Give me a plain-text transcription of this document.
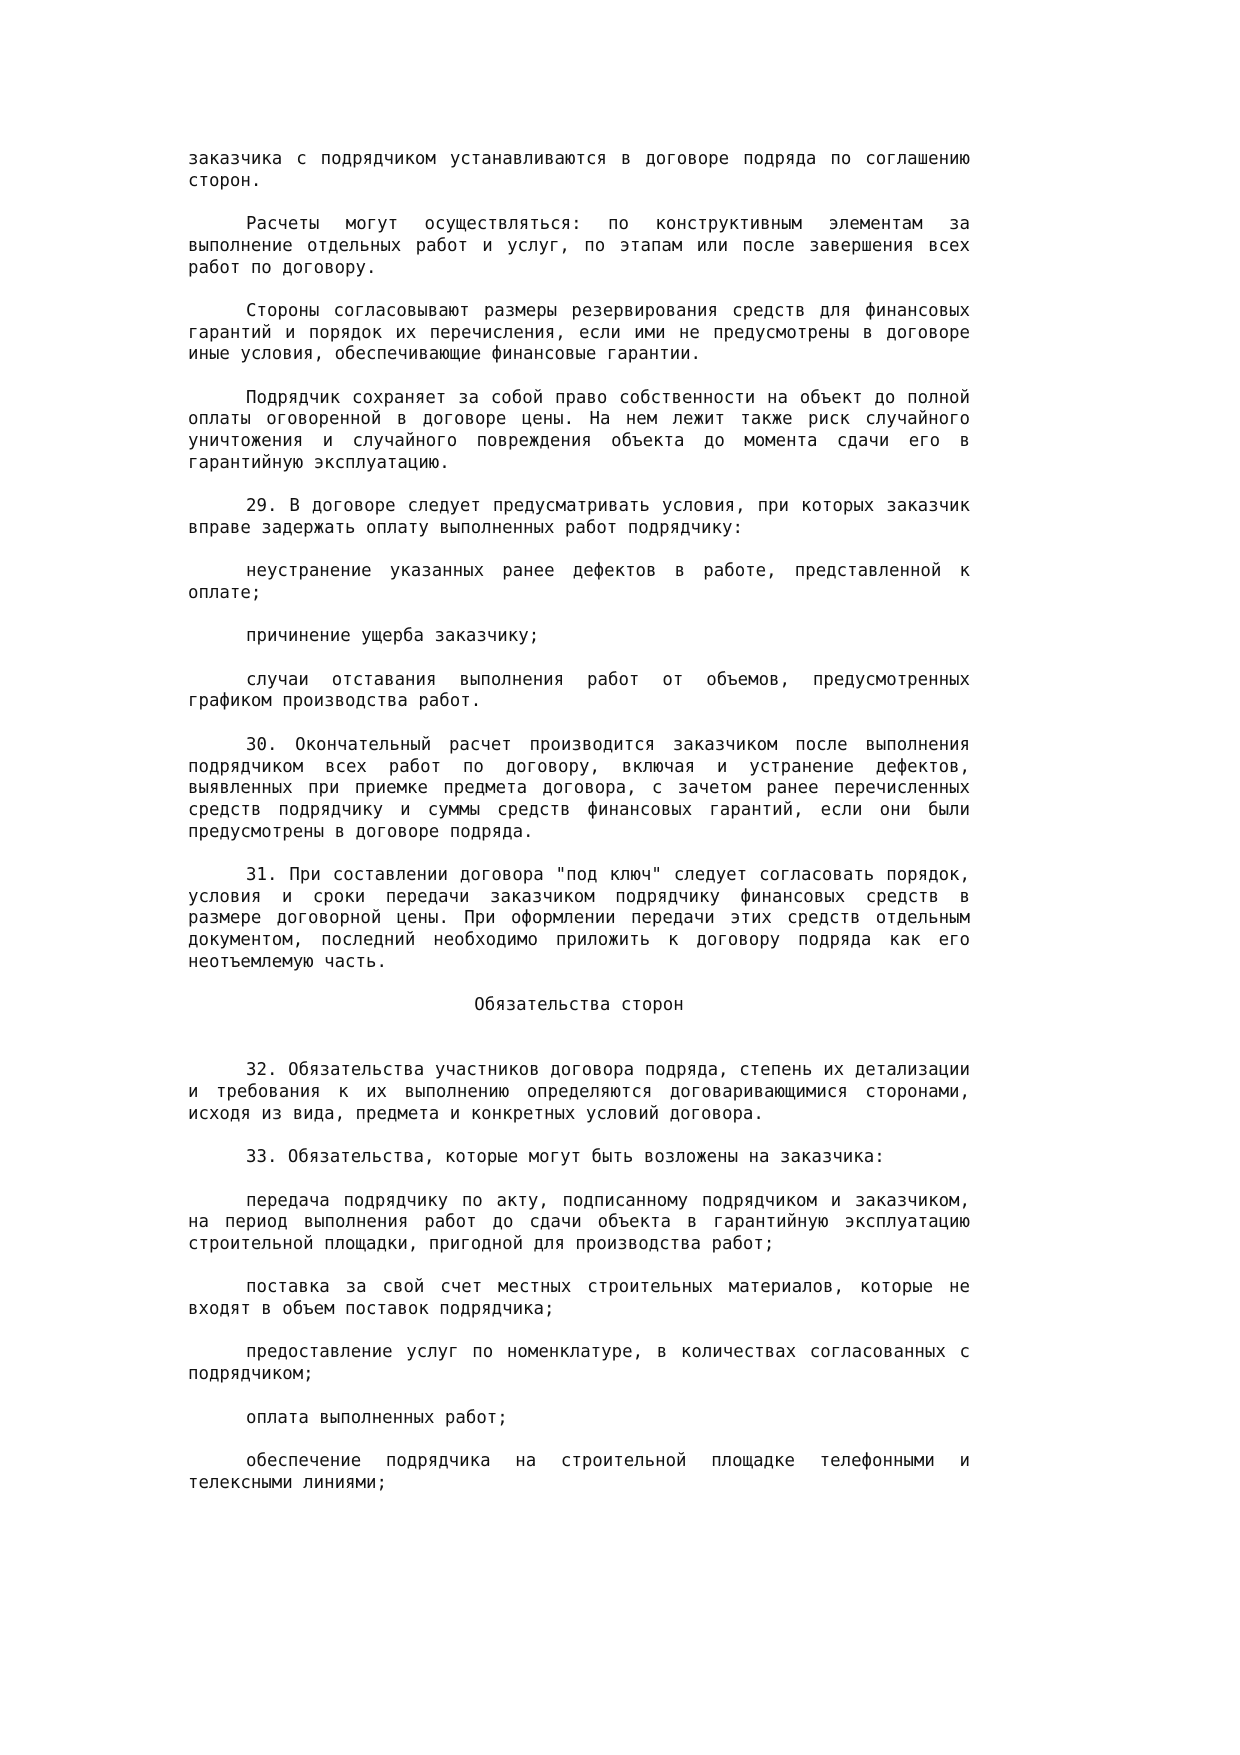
заказчика с подрядчиком устанавливаются в договоре подряда по соглашению сторон.

Расчеты могут осуществляться: по конструктивным элементам за выполнение отдельных работ и услуг, по этапам или после завершения всех работ по договору.

Стороны согласовывают размеры резервирования средств для финансовых гарантий и порядок их перечисления, если ими не предусмотрены в договоре иные условия, обеспечивающие финансовые гарантии.

Подрядчик сохраняет за собой право собственности на объект до полной оплаты оговоренной в договоре цены. На нем лежит также риск случайного уничтожения и случайного повреждения объекта до момента сдачи его в гарантийную эксплуатацию.

29. В договоре следует предусматривать условия, при которых заказчик вправе задержать оплату выполненных работ подрядчику:

неустранение указанных ранее дефектов в работе, представленной к оплате;

причинение ущерба заказчику;

случаи отставания выполнения работ от объемов, предусмотренных графиком производства работ.

30. Окончательный расчет производится заказчиком после выполнения подрядчиком всех работ по договору, включая и устранение дефектов, выявленных при приемке предмета договора, с зачетом ранее перечисленных средств подрядчику и суммы средств финансовых гарантий, если они были предусмотрены в договоре подряда.

31. При составлении договора "под ключ" следует согласовать порядок, условия и сроки передачи заказчиком подрядчику финансовых средств в размере договорной цены. При оформлении передачи этих средств отдельным документом, последний необходимо приложить к договору подряда как его неотъемлемую часть.

Обязательства сторон

32. Обязательства участников договора подряда, степень их детализации и требования к их выполнению определяются договаривающимися сторонами, исходя из вида, предмета и конкретных условий договора.

33. Обязательства, которые могут быть возложены на заказчика:

передача подрядчику по акту, подписанному подрядчиком и заказчиком, на период выполнения работ до сдачи объекта в гарантийную эксплуатацию строительной площадки, пригодной для производства работ;

поставка за свой счет местных строительных материалов, которые не входят в объем поставок подрядчика;

предоставление услуг по номенклатуре, в количествах согласованных с подрядчиком;

оплата выполненных работ;

обеспечение подрядчика на строительной площадке телефонными и телексными линиями;
